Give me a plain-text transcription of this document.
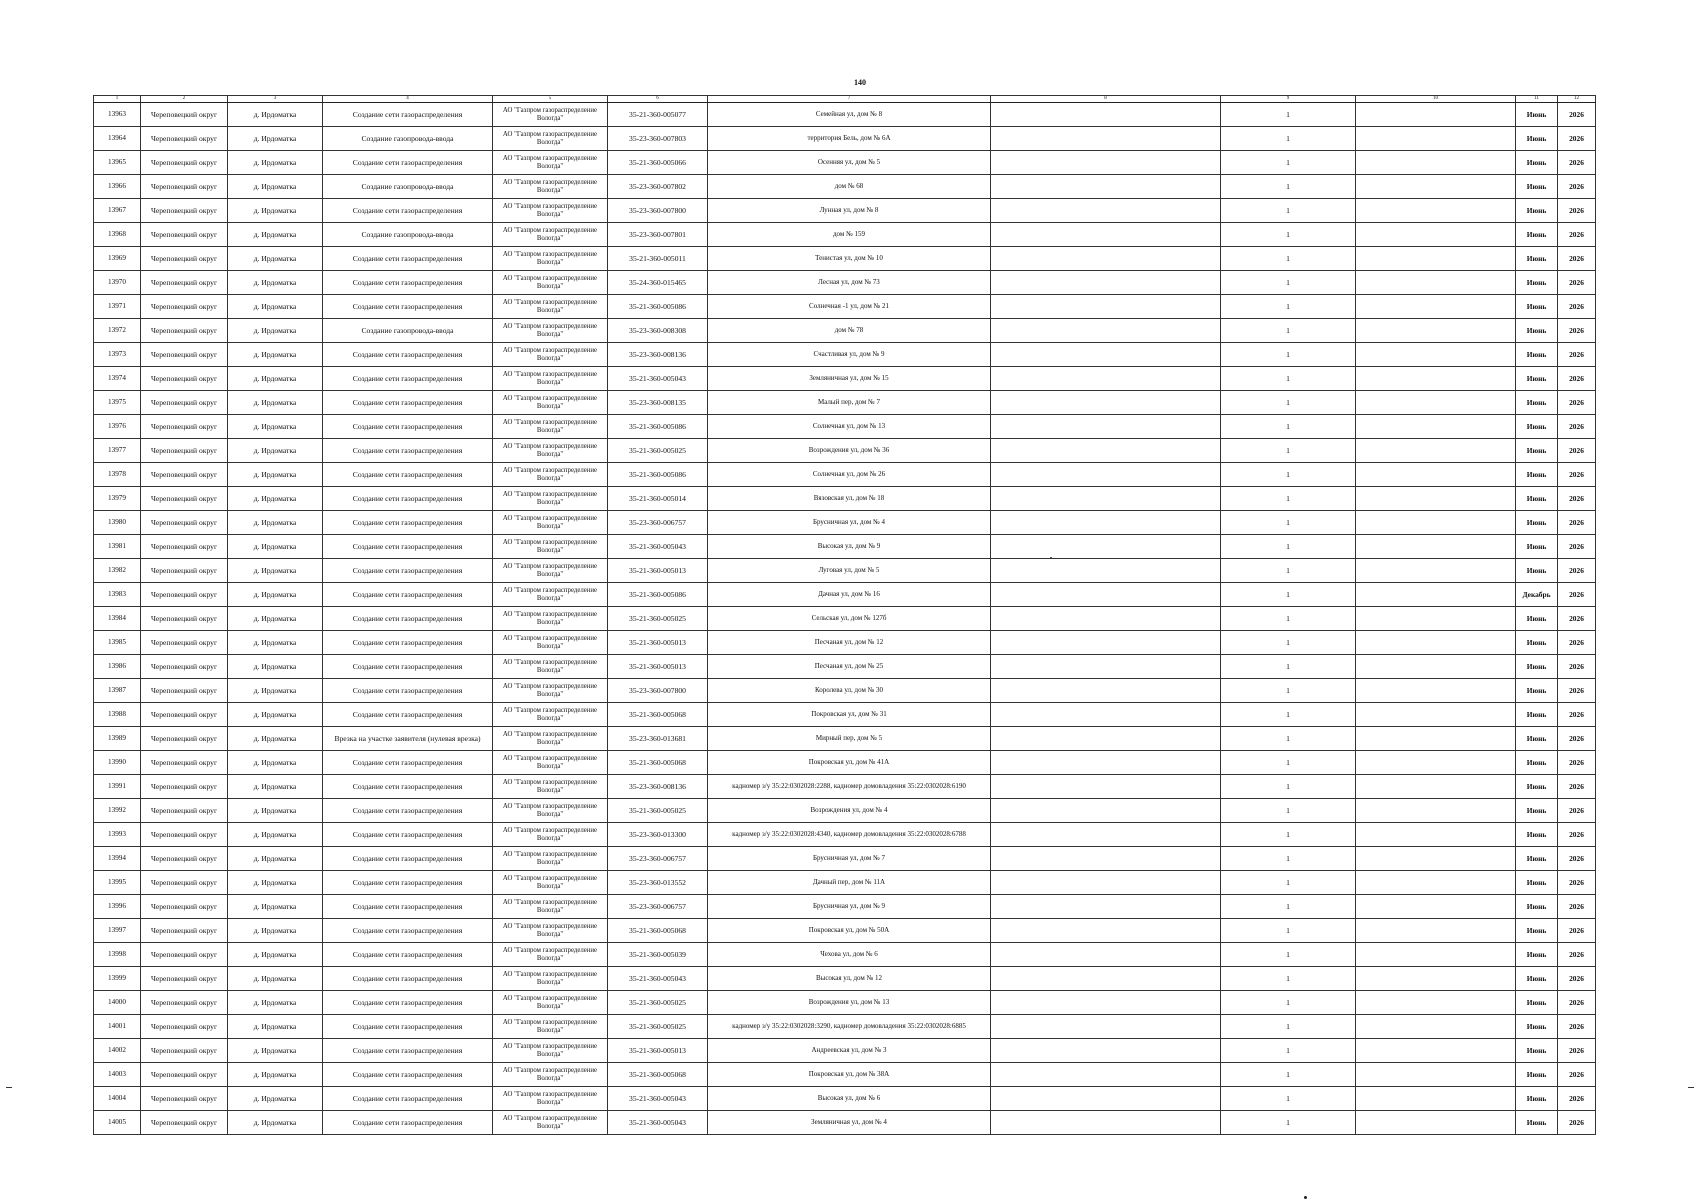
140
1	2	3	4	5	6	7	8	9	10	11	12
13963	Череповецкий округ	д. Ирдоматка	Создание сети газораспределения	АО "Газпром газораспределение Вологда"	35-21-360-005077	Семейная ул, дом № 8		1		Июнь	2026
13964	Череповецкий округ	д. Ирдоматка	Создание газопровода-ввода	АО "Газпром газораспределение Вологда"	35-23-360-007803	территория Бель, дом № 6А		1		Июнь	2026
13965	Череповецкий округ	д. Ирдоматка	Создание сети газораспределения	АО "Газпром газораспределение Вологда"	35-21-360-005066	Осенняя ул, дом № 5		1		Июнь	2026
13966	Череповецкий округ	д. Ирдоматка	Создание газопровода-ввода	АО "Газпром газораспределение Вологда"	35-23-360-007802	дом № 68		1		Июнь	2026
13967	Череповецкий округ	д. Ирдоматка	Создание сети газораспределения	АО "Газпром газораспределение Вологда"	35-23-360-007800	Лунная ул, дом № 8		1		Июнь	2026
13968	Череповецкий округ	д. Ирдоматка	Создание газопровода-ввода	АО "Газпром газораспределение Вологда"	35-23-360-007801	дом № 159		1		Июнь	2026
13969	Череповецкий округ	д. Ирдоматка	Создание сети газораспределения	АО "Газпром газораспределение Вологда"	35-21-360-005011	Тенистая ул, дом № 10		1		Июнь	2026
13970	Череповецкий округ	д. Ирдоматка	Создание сети газораспределения	АО "Газпром газораспределение Вологда"	35-24-360-015465	Лесная ул, дом № 73		1		Июнь	2026
13971	Череповецкий округ	д. Ирдоматка	Создание сети газораспределения	АО "Газпром газораспределение Вологда"	35-21-360-005086	Солнечная -1 ул, дом № 21		1		Июнь	2026
13972	Череповецкий округ	д. Ирдоматка	Создание газопровода-ввода	АО "Газпром газораспределение Вологда"	35-23-360-008308	дом № 78		1		Июнь	2026
13973	Череповецкий округ	д. Ирдоматка	Создание сети газораспределения	АО "Газпром газораспределение Вологда"	35-23-360-008136	Счастливая ул, дом № 9		1		Июнь	2026
13974	Череповецкий округ	д. Ирдоматка	Создание сети газораспределения	АО "Газпром газораспределение Вологда"	35-21-360-005043	Земляничная ул, дом № 15		1		Июнь	2026
13975	Череповецкий округ	д. Ирдоматка	Создание сети газораспределения	АО "Газпром газораспределение Вологда"	35-23-360-008135	Малый пер, дом № 7		1		Июнь	2026
13976	Череповецкий округ	д. Ирдоматка	Создание сети газораспределения	АО "Газпром газораспределение Вологда"	35-21-360-005086	Солнечная ул, дом № 13		1		Июнь	2026
13977	Череповецкий округ	д. Ирдоматка	Создание сети газораспределения	АО "Газпром газораспределение Вологда"	35-21-360-005025	Возрождения ул, дом № 36		1		Июнь	2026
13978	Череповецкий округ	д. Ирдоматка	Создание сети газораспределения	АО "Газпром газораспределение Вологда"	35-21-360-005086	Солнечная ул, дом № 26		1		Июнь	2026
13979	Череповецкий округ	д. Ирдоматка	Создание сети газораспределения	АО "Газпром газораспределение Вологда"	35-21-360-005014	Вязовская ул, дом № 18		1		Июнь	2026
13980	Череповецкий округ	д. Ирдоматка	Создание сети газораспределения	АО "Газпром газораспределение Вологда"	35-23-360-006757	Брусничная ул, дом № 4		1		Июнь	2026
13981	Череповецкий округ	д. Ирдоматка	Создание сети газораспределения	АО "Газпром газораспределение Вологда"	35-21-360-005043	Высокая ул, дом № 9		1		Июнь	2026
13982	Череповецкий округ	д. Ирдоматка	Создание сети газораспределения	АО "Газпром газораспределение Вологда"	35-21-360-005013	Луговая ул, дом № 5		1		Июнь	2026
13983	Череповецкий округ	д. Ирдоматка	Создание сети газораспределения	АО "Газпром газораспределение Вологда"	35-21-360-005086	Дачная ул, дом № 16		1		Декабрь	2026
13984	Череповецкий округ	д. Ирдоматка	Создание сети газораспределения	АО "Газпром газораспределение Вологда"	35-21-360-005025	Сельская ул, дом № 127б		1		Июнь	2026
13985	Череповецкий округ	д. Ирдоматка	Создание сети газораспределения	АО "Газпром газораспределение Вологда"	35-21-360-005013	Песчаная ул, дом № 12		1		Июнь	2026
13986	Череповецкий округ	д. Ирдоматка	Создание сети газораспределения	АО "Газпром газораспределение Вологда"	35-21-360-005013	Песчаная ул, дом № 25		1		Июнь	2026
13987	Череповецкий округ	д. Ирдоматка	Создание сети газораспределения	АО "Газпром газораспределение Вологда"	35-23-360-007800	Королева ул, дом № 30		1		Июнь	2026
13988	Череповецкий округ	д. Ирдоматка	Создание сети газораспределения	АО "Газпром газораспределение Вологда"	35-21-360-005068	Покровская ул, дом № 31		1		Июнь	2026
13989	Череповецкий округ	д. Ирдоматка	Врезка на участке заявителя (нулевая врезка)	АО "Газпром газораспределение Вологда"	35-23-360-013681	Мирный пер, дом № 5		1		Июнь	2026
13990	Череповецкий округ	д. Ирдоматка	Создание сети газораспределения	АО "Газпром газораспределение Вологда"	35-21-360-005068	Покровская ул, дом № 41А		1		Июнь	2026
13991	Череповецкий округ	д. Ирдоматка	Создание сети газораспределения	АО "Газпром газораспределение Вологда"	35-23-360-008136	кадномер з/у 35:22:0302028:2288, кадномер домовладения 35:22:0302028:6190		1		Июнь	2026
13992	Череповецкий округ	д. Ирдоматка	Создание сети газораспределения	АО "Газпром газораспределение Вологда"	35-21-360-005025	Возрождения ул, дом № 4		1		Июнь	2026
13993	Череповецкий округ	д. Ирдоматка	Создание сети газораспределения	АО "Газпром газораспределение Вологда"	35-23-360-013300	кадномер з/у 35:22:0302028:4340, кадномер домовладения 35:22:0302028:6788		1		Июнь	2026
13994	Череповецкий округ	д. Ирдоматка	Создание сети газораспределения	АО "Газпром газораспределение Вологда"	35-23-360-006757	Брусничная ул, дом № 7		1		Июнь	2026
13995	Череповецкий округ	д. Ирдоматка	Создание сети газораспределения	АО "Газпром газораспределение Вологда"	35-23-360-013552	Дачный пер, дом № 11А		1		Июнь	2026
13996	Череповецкий округ	д. Ирдоматка	Создание сети газораспределения	АО "Газпром газораспределение Вологда"	35-23-360-006757	Брусничная ул, дом № 9		1		Июнь	2026
13997	Череповецкий округ	д. Ирдоматка	Создание сети газораспределения	АО "Газпром газораспределение Вологда"	35-21-360-005068	Покровская ул, дом № 50А		1		Июнь	2026
13998	Череповецкий округ	д. Ирдоматка	Создание сети газораспределения	АО "Газпром газораспределение Вологда"	35-21-360-005039	Чехова ул, дом № 6		1		Июнь	2026
13999	Череповецкий округ	д. Ирдоматка	Создание сети газораспределения	АО "Газпром газораспределение Вологда"	35-21-360-005043	Высокая ул, дом № 12		1		Июнь	2026
14000	Череповецкий округ	д. Ирдоматка	Создание сети газораспределения	АО "Газпром газораспределение Вологда"	35-21-360-005025	Возрождения ул, дом № 13		1		Июнь	2026
14001	Череповецкий округ	д. Ирдоматка	Создание сети газораспределения	АО "Газпром газораспределение Вологда"	35-21-360-005025	кадномер з/у 35:22:0302028:3290, кадномер домовладения 35:22:0302028:6885		1		Июнь	2026
14002	Череповецкий округ	д. Ирдоматка	Создание сети газораспределения	АО "Газпром газораспределение Вологда"	35-21-360-005013	Андреевская ул, дом № 3		1		Июнь	2026
14003	Череповецкий округ	д. Ирдоматка	Создание сети газораспределения	АО "Газпром газораспределение Вологда"	35-21-360-005068	Покровская ул, дом № 38А		1		Июнь	2026
14004	Череповецкий округ	д. Ирдоматка	Создание сети газораспределения	АО "Газпром газораспределение Вологда"	35-21-360-005043	Высокая ул, дом № 6		1		Июнь	2026
14005	Череповецкий округ	д. Ирдоматка	Создание сети газораспределения	АО "Газпром газораспределение Вологда"	35-21-360-005043	Земляничная ул, дом № 4		1		Июнь	2026
